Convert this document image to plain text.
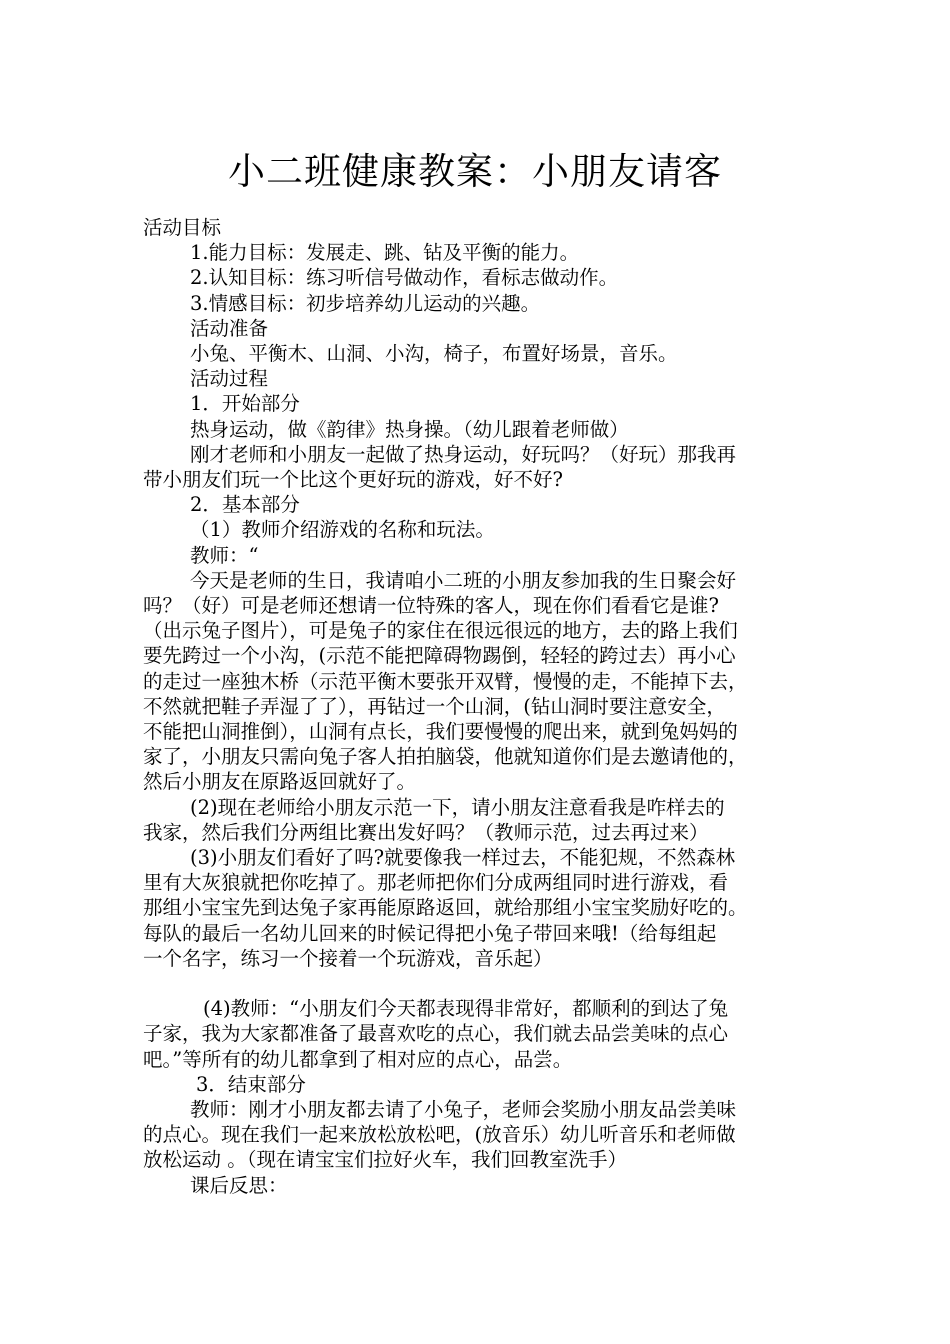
小二班健康教案：小朋友请客

活动目标

1.能力目标：发展走、跳、钻及平衡的能力。

2.认知目标：练习听信号做动作，看标志做动作。

3.情感目标：初步培养幼儿运动的兴趣。

活动准备

小兔、平衡木、山洞、小沟，椅子，布置好场景，音乐。

活动过程

1．开始部分

热身运动，做《韵律》热身操。（幼儿跟着老师做）

刚才老师和小朋友一起做了热身运动，好玩吗？（好玩）那我再

带小朋友们玩一个比这个更好玩的游戏，好不好?

2．基本部分

（1）教师介绍游戏的名称和玩法。

教师：“

今天是老师的生日，我请咱小二班的小朋友参加我的生日聚会好

吗？（好）可是老师还想请一位特殊的客人，现在你们看看它是谁?

（出示兔子图片），可是兔子的家住在很远很远的地方，去的路上我们

要先跨过一个小沟，(示范不能把障碍物踢倒，轻轻的跨过去）再小心

的走过一座独木桥（示范平衡木要张开双臂，慢慢的走，不能掉下去，

不然就把鞋子弄湿了了），再钻过一个山洞，(钻山洞时要注意安全，

不能把山洞推倒），山洞有点长，我们要慢慢的爬出来，就到兔妈妈的

家了，小朋友只需向兔子客人拍拍脑袋，他就知道你们是去邀请他的，

然后小朋友在原路返回就好了。

(2)现在老师给小朋友示范一下，请小朋友注意看我是咋样去的

我家，然后我们分两组比赛出发好吗？（教师示范，过去再过来）

(3)小朋友们看好了吗?就要像我一样过去，不能犯规，不然森林

里有大灰狼就把你吃掉了。那老师把你们分成两组同时进行游戏，看

那组小宝宝先到达兔子家再能原路返回，就给那组小宝宝奖励好吃的。

每队的最后一名幼儿回来的时候记得把小兔子带回来哦!（给每组起

一个名字，练习一个接着一个玩游戏，音乐起）

(4)教师：“小朋友们今天都表现得非常好，都顺利的到达了兔

子家，我为大家都准备了最喜欢吃的点心，我们就去品尝美味的点心

吧。”等所有的幼儿都拿到了相对应的点心，品尝。

3．结束部分

教师：刚才小朋友都去请了小兔子，老师会奖励小朋友品尝美味

的点心。现在我们一起来放松放松吧，(放音乐）幼儿听音乐和老师做

放松运动 。（现在请宝宝们拉好火车，我们回教室洗手）

课后反思：
